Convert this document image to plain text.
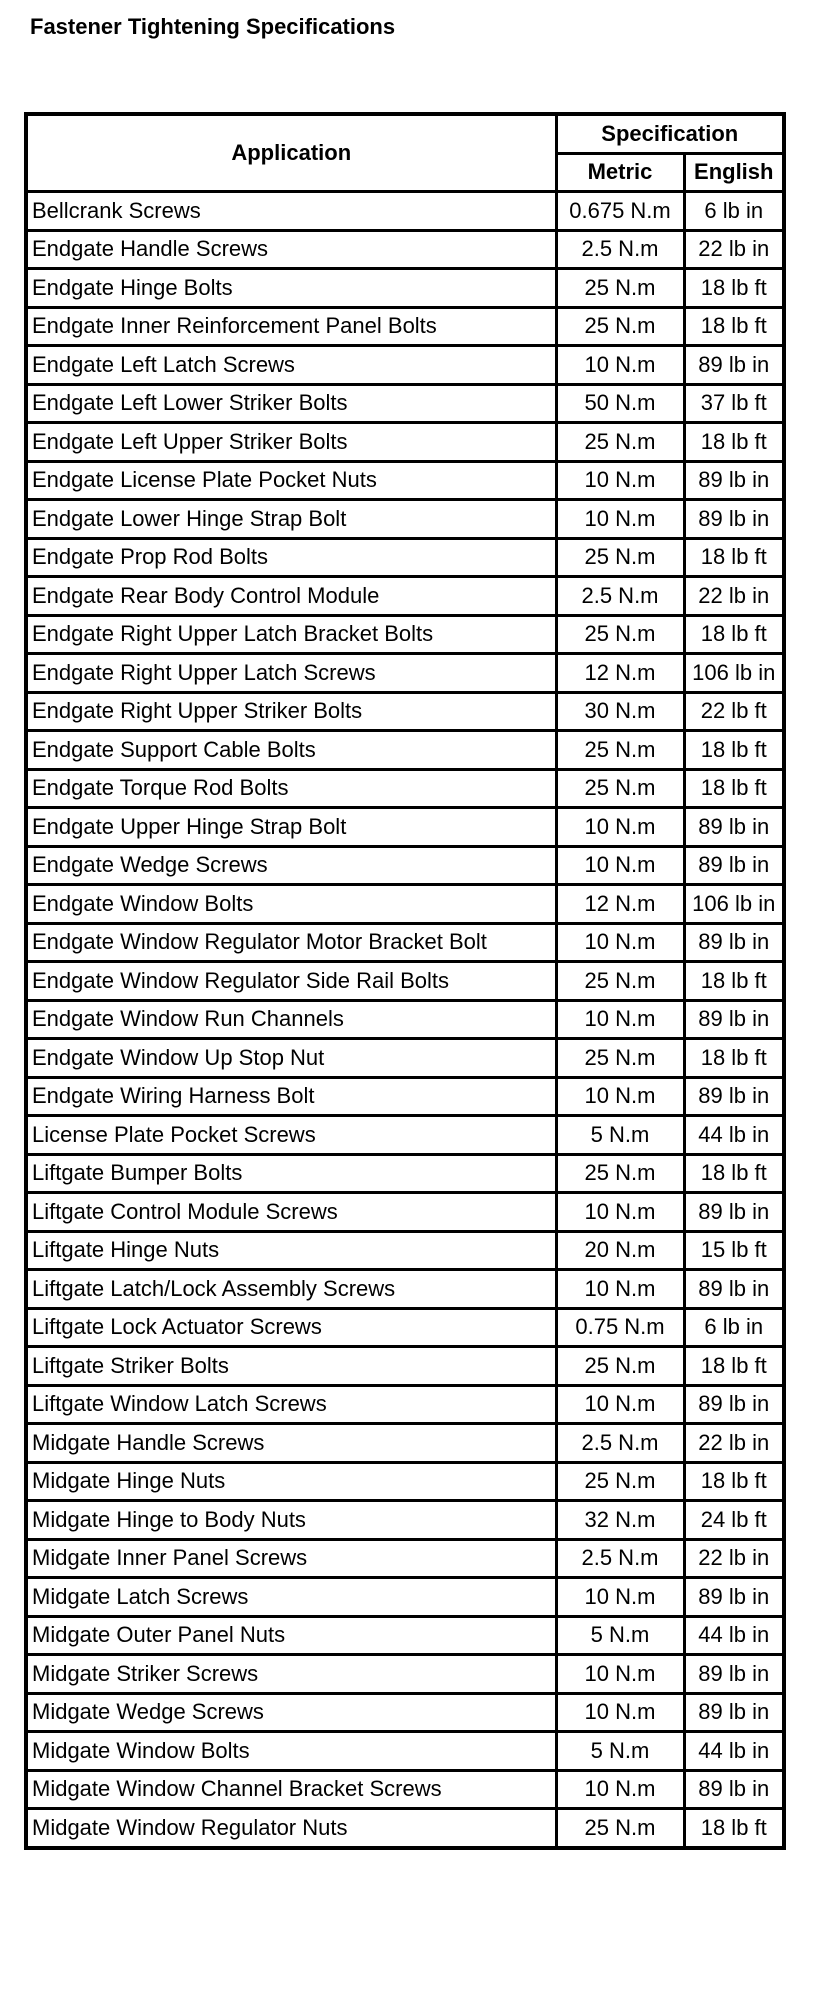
Fastener Tightening Specifications
Application	Specification	
	Metric	English
Bellcrank Screws	0.675 N.m	6 lb in
Endgate Handle Screws	2.5 N.m	22 lb in
Endgate Hinge Bolts	25 N.m	18 lb ft
Endgate Inner Reinforcement Panel Bolts	25 N.m	18 lb ft
Endgate Left Latch Screws	10 N.m	89 lb in
Endgate Left Lower Striker Bolts	50 N.m	37 lb ft
Endgate Left Upper Striker Bolts	25 N.m	18 lb ft
Endgate License Plate Pocket Nuts	10 N.m	89 lb in
Endgate Lower Hinge Strap Bolt	10 N.m	89 lb in
Endgate Prop Rod Bolts	25 N.m	18 lb ft
Endgate Rear Body Control Module	2.5 N.m	22 lb in
Endgate Right Upper Latch Bracket Bolts	25 N.m	18 lb ft
Endgate Right Upper Latch Screws	12 N.m	106 lb in
Endgate Right Upper Striker Bolts	30 N.m	22 lb ft
Endgate Support Cable Bolts	25 N.m	18 lb ft
Endgate Torque Rod Bolts	25 N.m	18 lb ft
Endgate Upper Hinge Strap Bolt	10 N.m	89 lb in
Endgate Wedge Screws	10 N.m	89 lb in
Endgate Window Bolts	12 N.m	106 lb in
Endgate Window Regulator Motor Bracket Bolt	10 N.m	89 lb in
Endgate Window Regulator Side Rail Bolts	25 N.m	18 lb ft
Endgate Window Run Channels	10 N.m	89 lb in
Endgate Window Up Stop Nut	25 N.m	18 lb ft
Endgate Wiring Harness Bolt	10 N.m	89 lb in
License Plate Pocket Screws	5 N.m	44 lb in
Liftgate Bumper Bolts	25 N.m	18 lb ft
Liftgate Control Module Screws	10 N.m	89 lb in
Liftgate Hinge Nuts	20 N.m	15 lb ft
Liftgate Latch/Lock Assembly Screws	10 N.m	89 lb in
Liftgate Lock Actuator Screws	0.75 N.m	6 lb in
Liftgate Striker Bolts	25 N.m	18 lb ft
Liftgate Window Latch Screws	10 N.m	89 lb in
Midgate Handle Screws	2.5 N.m	22 lb in
Midgate Hinge Nuts	25 N.m	18 lb ft
Midgate Hinge to Body Nuts	32 N.m	24 lb ft
Midgate Inner Panel Screws	2.5 N.m	22 lb in
Midgate Latch Screws	10 N.m	89 lb in
Midgate Outer Panel Nuts	5 N.m	44 lb in
Midgate Striker Screws	10 N.m	89 lb in
Midgate Wedge Screws	10 N.m	89 lb in
Midgate Window Bolts	5 N.m	44 lb in
Midgate Window Channel Bracket Screws	10 N.m	89 lb in
Midgate Window Regulator Nuts	25 N.m	18 lb ft
